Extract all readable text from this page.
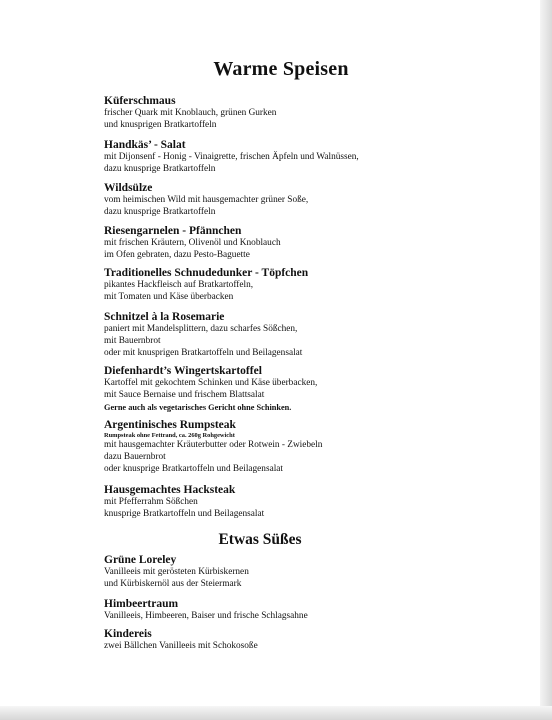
Warme Speisen
Küferschmaus
frischer Quark mit Knoblauch, grünen Gurken
und knusprigen Bratkartoffeln
Handkäs’ - Salat
mit Dijonsenf - Honig - Vinaigrette, frischen Äpfeln und Walnüssen,
dazu knusprige Bratkartoffeln
Wildsülze
vom heimischen Wild mit hausgemachter grüner Soße,
dazu knusprige Bratkartoffeln
Riesengarnelen - Pfännchen
mit frischen Kräutern, Olivenöl und Knoblauch
im Ofen gebraten, dazu Pesto-Baguette
Traditionelles Schnudedunker - Töpfchen
pikantes Hackfleisch auf Bratkartoffeln,
mit Tomaten und Käse überbacken
Schnitzel à la Rosemarie
paniert mit Mandelsplittern, dazu scharfes Sößchen,
mit Bauernbrot
oder mit knusprigen Bratkartoffeln und Beilagensalat
Diefenhardt’s Wingertskartoffel
Kartoffel mit gekochtem Schinken und Käse überbacken,
mit Sauce Bernaise und frischem Blattsalat
Gerne auch als vegetarisches Gericht ohne Schinken.
Argentinisches Rumpsteak
Rumpsteak ohne Fettrand, ca. 260g Rohgewicht
mit hausgemachter Kräuterbutter oder Rotwein - Zwiebeln
dazu Bauernbrot
oder knusprige Bratkartoffeln und Beilagensalat
Hausgemachtes Hacksteak
mit Pfefferrahm Sößchen
knusprige Bratkartoffeln und Beilagensalat
Etwas Süßes
Grüne Loreley
Vanilleeis mit gerösteten Kürbiskernen
und Kürbiskernöl aus der Steiermark
Himbeertraum
Vanilleeis, Himbeeren, Baiser und frische Schlagsahne
Kindereis
zwei Bällchen Vanilleeis mit Schokosoße
